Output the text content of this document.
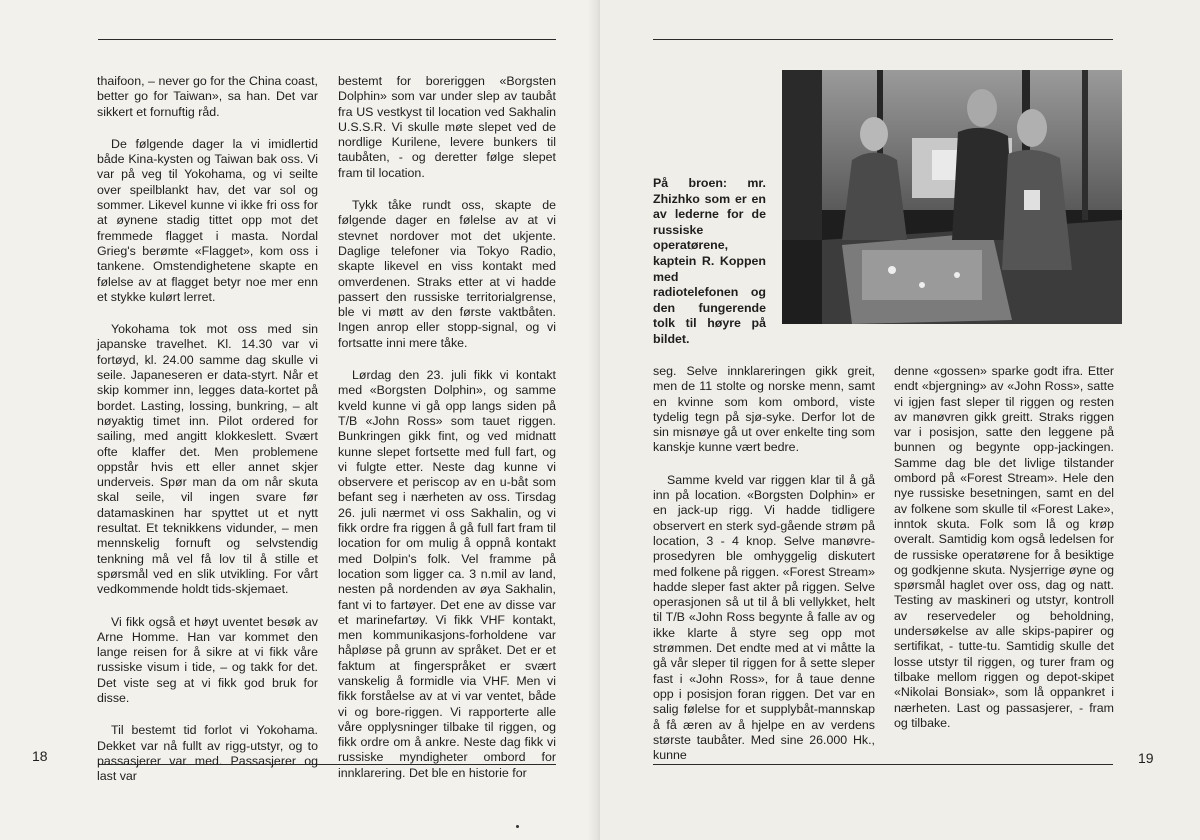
thaifoon, – never go for the China coast, better go for Taiwan», sa han. Det var sikkert et fornuftig råd.

De følgende dager la vi imidlertid både Kina-kysten og Taiwan bak oss. Vi var på veg til Yokohama, og vi seilte over speilblankt hav, det var sol og sommer. Likevel kunne vi ikke fri oss for at øynene stadig tittet opp mot det fremmede flagget i masta. Nordal Grieg's berømte «Flagget», kom oss i tankene. Omstendighetene skapte en følelse av at flagget betyr noe mer enn et stykke kulørt lerret.

Yokohama tok mot oss med sin japanske travelhet. Kl. 14.30 var vi fortøyd, kl. 24.00 samme dag skulle vi seile. Japaneseren er data-styrt. Når et skip kommer inn, legges data-kortet på bordet. Lasting, lossing, bunkring, – alt nøyaktig timet inn. Pilot ordered for sailing, med angitt klokkeslett. Svært ofte klaffer det. Men problemene oppstår hvis ett eller annet skjer underveis. Spør man da om når skuta skal seile, vil ingen svare før datamaskinen har spyttet ut et nytt resultat. Et teknikkens vidunder, – men mennskelig fornuft og selvstendig tenkning må vel få lov til å stille et spørsmål ved en slik utvikling. For vårt vedkommende holdt tids-skjemaet.

Vi fikk også et høyt uventet besøk av Arne Homme. Han var kommet den lange reisen for å sikre at vi fikk våre russiske visum i tide, – og takk for det. Det viste seg at vi fikk god bruk for disse.

Til bestemt tid forlot vi Yokohama. Dekket var nå fullt av rigg-utstyr, og to passasjerer var med. Passasjerer og last var

bestemt for boreriggen «Borgsten Dolphin» som var under slep av taubåt fra US vestkyst til location ved Sakhalin U.S.S.R. Vi skulle møte slepet ved de nordlige Kurilene, levere bunkers til taubåten, - og deretter følge slepet fram til location.

Tykk tåke rundt oss, skapte de følgende dager en følelse av at vi stevnet nordover mot det ukjente. Daglige telefoner via Tokyo Radio, skapte likevel en viss kontakt med omverdenen. Straks etter at vi hadde passert den russiske territorialgrense, ble vi møtt av den første vaktbåten. Ingen anrop eller stopp-signal, og vi fortsatte inni mere tåke.

Lørdag den 23. juli fikk vi kontakt med «Borgsten Dolphin», og samme kveld kunne vi gå opp langs siden på T/B «John Ross» som tauet riggen. Bunkringen gikk fint, og ved midnatt kunne slepet fortsette med full fart, og vi fulgte etter. Neste dag kunne vi observere et periscop av en u-båt som befant seg i nærheten av oss. Tirsdag 26. juli nærmet vi oss Sakhalin, og vi fikk ordre fra riggen å gå full fart fram til location for om mulig å oppnå kontakt med Dolpin's folk. Vel framme på location som ligger ca. 3 n.mil av land, nesten på nordenden av øya Sakhalin, fant vi to fartøyer. Det ene av disse var et marinefartøy. Vi fikk VHF kontakt, men kommunikasjons-forholdene var håpløse på grunn av språket. Det er et faktum at fingerspråket er svært vanskelig å formidle via VHF. Men vi fikk forståelse av at vi var ventet, både vi og bore-riggen. Vi rapporterte alle våre opplysninger tilbake til riggen, og fikk ordre om å ankre. Neste dag fikk vi russiske myndigheter ombord for innklarering. Det ble en historie for

18
På broen: mr. Zhizhko som er en av lederne for de russiske operatørene, kaptein R. Koppen med radiotelefonen og den fungerende tolk til høyre på bildet.

seg. Selve innklareringen gikk greit, men de 11 stolte og norske menn, samt en kvinne som kom ombord, viste tydelig tegn på sjø-syke. Derfor lot de sin misnøye gå ut over enkelte ting som kanskje kunne vært bedre.

Samme kveld var riggen klar til å gå inn på location. «Borgsten Dolphin» er en jack-up rigg. Vi hadde tidligere observert en sterk syd-gående strøm på location, 3 - 4 knop. Selve manøvre-prosedyren ble omhyggelig diskutert med folkene på riggen. «Forest Stream» hadde sleper fast akter på riggen. Selve operasjonen så ut til å bli vellykket, helt til T/B «John Ross begynte å falle av og ikke klarte å styre seg opp mot strømmen. Det endte med at vi måtte la gå vår sleper til riggen for å sette sleper fast i «John Ross», for å taue denne opp i posisjon foran riggen. Det var en salig følelse for et supplybåt-mannskap å få æren av å hjelpe en av verdens største taubåter. Med sine 26.000 Hk., kunne

denne «gossen» sparke godt ifra. Etter endt «bjergning» av «John Ross», satte vi igjen fast sleper til riggen og resten av manøvren gikk greitt. Straks riggen var i posisjon, satte den leggene på bunnen og begynte opp-jackingen. Samme dag ble det livlige tilstander ombord på «Forest Stream». Hele den nye russiske besetningen, samt en del av folkene som skulle til «Forest Lake», inntok skuta. Folk som lå og krøp overalt. Samtidig kom også ledelsen for de russiske operatørene for å besiktige og godkjenne skuta. Nysjerrige øyne og spørsmål haglet over oss, dag og natt. Testing av maskineri og utstyr, kontroll av reservedeler og beholdning, undersøkelse av alle skips-papirer og sertifikat, - tutte-tu. Samtidig skulle det losse utstyr til riggen, og turer fram og tilbake mellom riggen og depot-skipet «Nikolai Bonsiak», som lå oppankret i nærheten. Last og passasjerer, - fram og tilbake.

19
